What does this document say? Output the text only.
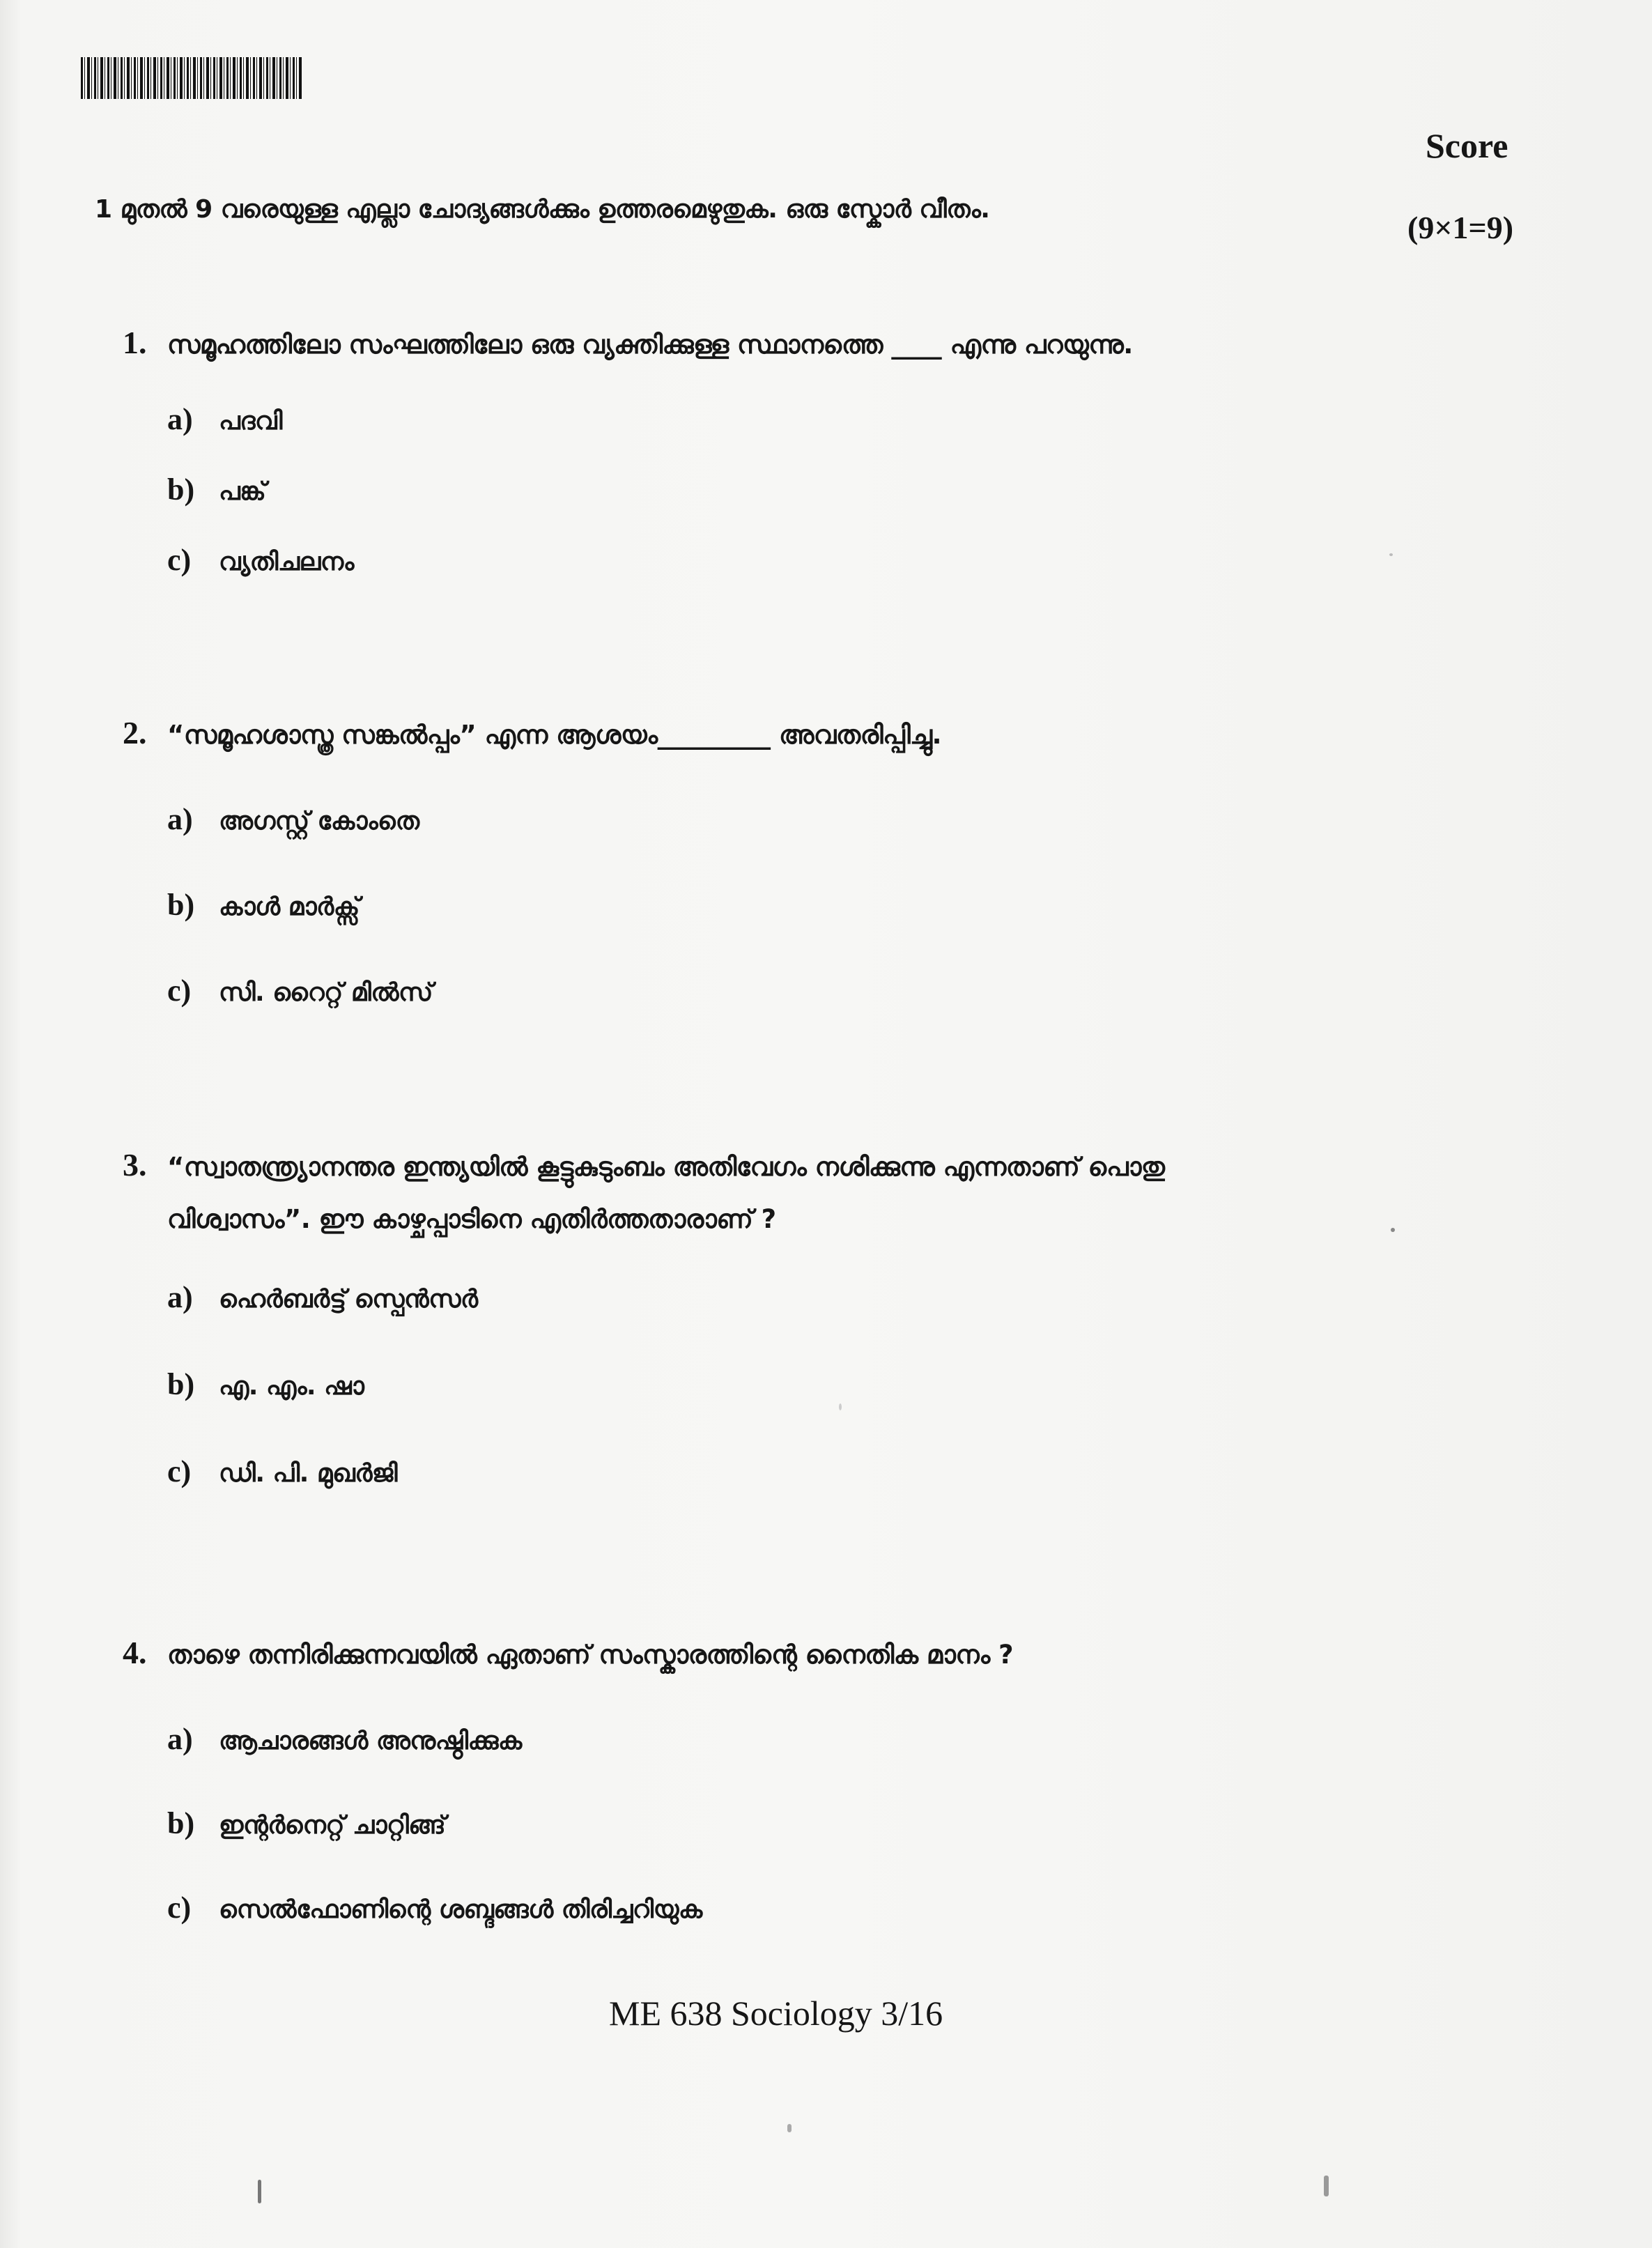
Score
1 മുതൽ 9 വരെയുള്ള എല്ലാ ചോദ്യങ്ങൾക്കും ഉത്തരമെഴുതുക. ഒരു സ്കോർ വീതം.
(9×1=9)
1. സമൂഹത്തിലോ സംഘത്തിലോ ഒരു വ്യക്തിക്കുള്ള സ്ഥാനത്തെ ____ എന്നു പറയുന്നു.
a)	പദവി
b) പങ്ക്
c)	വ്യതിചലനം
2. “സമൂഹശാസ്ത്ര സങ്കൽപ്പം” എന്ന ആശയം_________ അവതരിപ്പിച്ചു.
a)	അഗസ്റ്റ് കോംതെ
b) കാൾ മാർക്സ്
c)	സി. റൈറ്റ് മിൽസ്
3. “സ്വാതന്ത്ര്യാനന്തര ഇന്ത്യയിൽ കൂട്ടുകുടുംബം അതിവേഗം നശിക്കുന്നു എന്നതാണ് പൊതു
വിശ്വാസം”. ഈ കാഴ്ചപ്പാടിനെ എതിർത്തതാരാണ് ?
a)	ഹെർബർട്ട് സ്പെൻസർ
b) എ. എം. ഷാ
c)	ഡി. പി. മുഖർജി
4. താഴെ തന്നിരിക്കുന്നവയിൽ ഏതാണ് സംസ്കാരത്തിന്റെ നൈതിക മാനം ?
a)	ആചാരങ്ങൾ അനുഷ്ഠിക്കുക
b) ഇന്റർനെറ്റ് ചാറ്റിങ്ങ്
c)	സെൽഫോണിന്റെ ശബ്ദങ്ങൾ തിരിച്ചറിയുക
ME 638 Sociology 3/16
